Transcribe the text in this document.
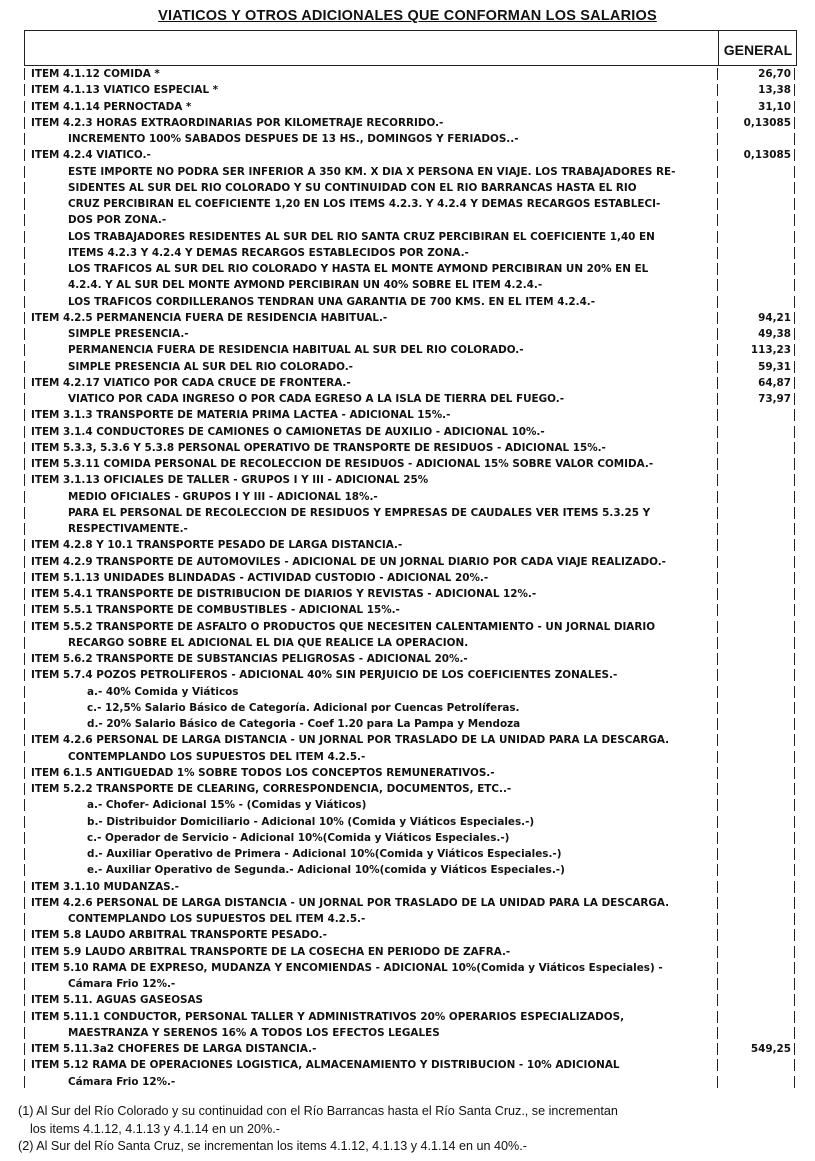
VIATICOS Y OTROS ADICIONALES QUE CONFORMAN LOS SALARIOS
GENERAL
ITEM 4.1.12 COMIDA *	26,70
ITEM 4.1.13 VIATICO ESPECIAL *	13,38
ITEM 4.1.14 PERNOCTADA *	31,10
ITEM 4.2.3 HORAS EXTRAORDINARIAS POR KILOMETRAJE RECORRIDO.-	0,13085
INCREMENTO 100% SABADOS DESPUES DE 13 HS., DOMINGOS Y FERIADOS..-
ITEM 4.2.4 VIATICO.-	0,13085
ESTE IMPORTE NO PODRA SER INFERIOR A 350 KM. X DIA X PERSONA EN VIAJE. LOS TRABAJADORES RE-
SIDENTES AL SUR DEL RIO COLORADO Y SU CONTINUIDAD CON EL RIO BARRANCAS HASTA EL RIO
CRUZ PERCIBIRAN EL COEFICIENTE 1,20 EN LOS ITEMS 4.2.3. Y 4.2.4 Y DEMAS RECARGOS ESTABLECI-
DOS POR ZONA.-
LOS TRABAJADORES RESIDENTES AL SUR DEL RIO SANTA CRUZ PERCIBIRAN EL COEFICIENTE 1,40 EN
ITEMS 4.2.3 Y 4.2.4 Y DEMAS RECARGOS ESTABLECIDOS POR ZONA.-
LOS TRAFICOS AL SUR DEL RIO COLORADO Y HASTA EL MONTE AYMOND PERCIBIRAN UN 20% EN EL
4.2.4. Y AL SUR DEL MONTE AYMOND PERCIBIRAN UN 40% SOBRE EL ITEM 4.2.4.-
LOS TRAFICOS CORDILLERANOS TENDRAN UNA GARANTIA DE 700 KMS. EN EL ITEM 4.2.4.-
ITEM 4.2.5 PERMANENCIA FUERA DE RESIDENCIA HABITUAL.-	94,21
SIMPLE PRESENCIA.-	49,38
PERMANENCIA FUERA DE RESIDENCIA HABITUAL AL SUR DEL RIO COLORADO.-	113,23
SIMPLE PRESENCIA AL SUR DEL RIO COLORADO.-	59,31
ITEM 4.2.17 VIATICO POR CADA CRUCE DE FRONTERA.-	64,87
VIATICO POR CADA INGRESO O POR CADA EGRESO A LA ISLA DE TIERRA DEL FUEGO.-	73,97
ITEM 3.1.3 TRANSPORTE DE MATERIA PRIMA LACTEA - ADICIONAL 15%.-
ITEM 3.1.4 CONDUCTORES DE CAMIONES O CAMIONETAS DE AUXILIO - ADICIONAL 10%.-
ITEM 5.3.3, 5.3.6 Y 5.3.8 PERSONAL OPERATIVO DE TRANSPORTE DE RESIDUOS - ADICIONAL 15%.-
ITEM 5.3.11 COMIDA PERSONAL DE RECOLECCION DE RESIDUOS - ADICIONAL 15% SOBRE VALOR COMIDA.-
ITEM 3.1.13 OFICIALES DE TALLER - GRUPOS I Y III - ADICIONAL 25%
MEDIO OFICIALES - GRUPOS I Y III - ADICIONAL 18%.-
PARA EL PERSONAL DE RECOLECCION DE RESIDUOS Y EMPRESAS DE CAUDALES VER ITEMS 5.3.25 Y
RESPECTIVAMENTE.-
ITEM 4.2.8 Y 10.1 TRANSPORTE PESADO DE LARGA DISTANCIA.-
ITEM 4.2.9 TRANSPORTE DE AUTOMOVILES - ADICIONAL DE UN JORNAL DIARIO POR CADA VIAJE REALIZADO.-
ITEM 5.1.13 UNIDADES BLINDADAS - ACTIVIDAD CUSTODIO - ADICIONAL 20%.-
ITEM 5.4.1 TRANSPORTE DE DISTRIBUCION DE DIARIOS Y REVISTAS - ADICIONAL 12%.-
ITEM 5.5.1 TRANSPORTE DE COMBUSTIBLES - ADICIONAL 15%.-
ITEM 5.5.2 TRANSPORTE DE ASFALTO O PRODUCTOS QUE NECESITEN CALENTAMIENTO - UN JORNAL DIARIO
RECARGO SOBRE EL ADICIONAL EL DIA QUE REALICE LA OPERACION.
ITEM 5.6.2 TRANSPORTE DE SUBSTANCIAS PELIGROSAS - ADICIONAL 20%.-
ITEM 5.7.4 POZOS PETROLIFEROS - ADICIONAL 40% SIN PERJUICIO DE LOS COEFICIENTES ZONALES.-
a.- 40% Comida y Viáticos
c.- 12,5% Salario Básico de Categoría. Adicional por Cuencas Petrolíferas.
d.- 20% Salario Básico de Categoria - Coef 1.20 para La Pampa y Mendoza
ITEM 4.2.6 PERSONAL DE LARGA DISTANCIA - UN JORNAL POR TRASLADO DE LA UNIDAD PARA LA DESCARGA.
CONTEMPLANDO LOS SUPUESTOS DEL ITEM 4.2.5.-
ITEM 6.1.5 ANTIGUEDAD 1% SOBRE TODOS LOS CONCEPTOS REMUNERATIVOS.-
ITEM 5.2.2 TRANSPORTE DE CLEARING, CORRESPONDENCIA, DOCUMENTOS, ETC..-
a.- Chofer- Adicional 15% - (Comidas y Viáticos)
b.- Distribuidor Domiciliario - Adicional 10% (Comida y Viáticos Especiales.-)
c.- Operador de Servicio - Adicional 10%(Comida y Viáticos Especiales.-)
d.- Auxiliar Operativo de Primera - Adicional 10%(Comida y Viáticos Especiales.-)
e.- Auxiliar Operativo de Segunda.- Adicional 10%(comida y Viáticos Especiales.-)
ITEM 3.1.10 MUDANZAS.-
ITEM 4.2.6 PERSONAL DE LARGA DISTANCIA - UN JORNAL POR TRASLADO DE LA UNIDAD PARA LA DESCARGA.
CONTEMPLANDO LOS SUPUESTOS DEL ITEM 4.2.5.-
ITEM 5.8 LAUDO ARBITRAL TRANSPORTE PESADO.-
ITEM 5.9 LAUDO ARBITRAL TRANSPORTE DE LA COSECHA EN PERIODO DE ZAFRA.-
ITEM 5.10 RAMA DE EXPRESO, MUDANZA Y ENCOMIENDAS - ADICIONAL 10%(Comida y Viáticos Especiales) -
Cámara Frio 12%.-
ITEM 5.11. AGUAS GASEOSAS
ITEM 5.11.1 CONDUCTOR, PERSONAL TALLER Y ADMINISTRATIVOS 20% OPERARIOS ESPECIALIZADOS,
MAESTRANZA Y SERENOS 16% A TODOS LOS EFECTOS LEGALES
ITEM 5.11.3a2 CHOFERES DE LARGA DISTANCIA.-	549,25
ITEM 5.12 RAMA DE OPERACIONES LOGISTICA, ALMACENAMIENTO Y DISTRIBUCION - 10% ADICIONAL
Cámara Frio 12%.-
(1) Al Sur del Río Colorado y su continuidad con el Río Barrancas hasta el Río Santa Cruz., se incrementan
los items 4.1.12, 4.1.13 y 4.1.14 en un 20%.-
(2) Al Sur del Río Santa Cruz, se incrementan los items 4.1.12, 4.1.13 y 4.1.14 en un 40%.-
